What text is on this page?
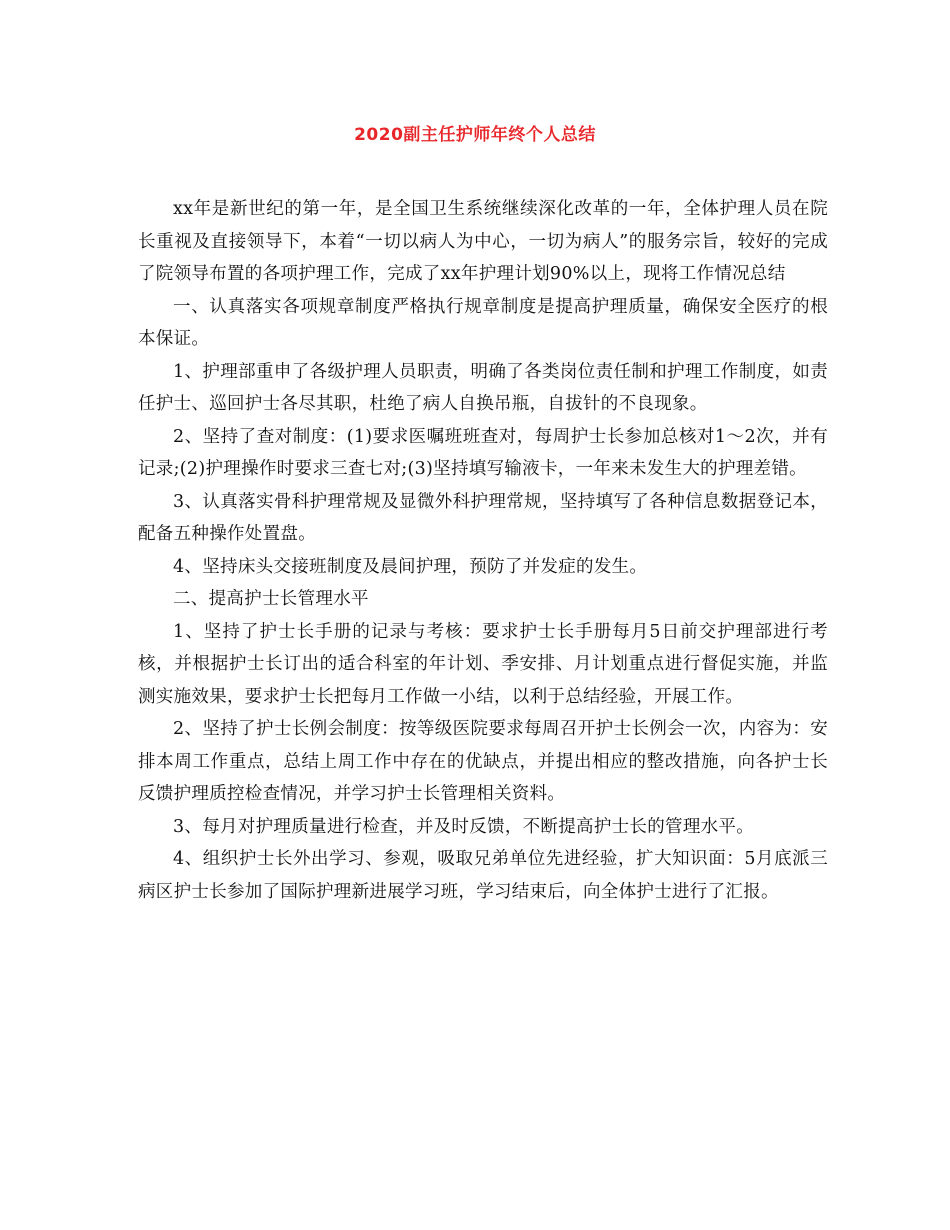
2020副主任护师年终个人总结

xx年是新世纪的第一年，是全国卫生系统继续深化改革的一年，全体护理人员在院长重视及直接领导下，本着“一切以病人为中心，一切为病人”的服务宗旨，较好的完成了院领导布置的各项护理工作，完成了xx年护理计划90%以上，现将工作情况总结

一、认真落实各项规章制度严格执行规章制度是提高护理质量，确保安全医疗的根本保证。

1、护理部重申了各级护理人员职责，明确了各类岗位责任制和护理工作制度，如责任护士、巡回护士各尽其职，杜绝了病人自换吊瓶，自拔针的不良现象。

2、坚持了查对制度：(1)要求医嘱班班查对，每周护士长参加总核对1～2次，并有记录;(2)护理操作时要求三查七对;(3)坚持填写输液卡，一年来未发生大的护理差错。

3、认真落实骨科护理常规及显微外科护理常规，坚持填写了各种信息数据登记本，配备五种操作处置盘。

4、坚持床头交接班制度及晨间护理，预防了并发症的发生。

二、提高护士长管理水平

1、坚持了护士长手册的记录与考核：要求护士长手册每月5日前交护理部进行考核，并根据护士长订出的适合科室的年计划、季安排、月计划重点进行督促实施，并监测实施效果，要求护士长把每月工作做一小结，以利于总结经验，开展工作。

2、坚持了护士长例会制度：按等级医院要求每周召开护士长例会一次，内容为：安排本周工作重点，总结上周工作中存在的优缺点，并提出相应的整改措施，向各护士长反馈护理质控检查情况，并学习护士长管理相关资料。

3、每月对护理质量进行检查，并及时反馈，不断提高护士长的管理水平。

4、组织护士长外出学习、参观，吸取兄弟单位先进经验，扩大知识面：5月底派三病区护士长参加了国际护理新进展学习班，学习结束后，向全体护士进行了汇报。
